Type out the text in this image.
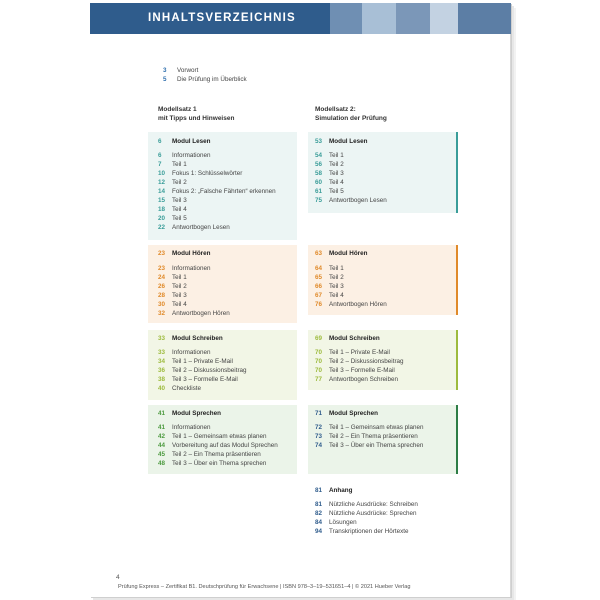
INHALTSVERZEICHNIS
3 Vorwort
5 Die Prüfung im Überblick
Modellsatz 1
mit Tipps und Hinweisen
Modellsatz 2:
Simulation der Prüfung
6 Modul Lesen
6 Informationen
7 Teil 1
10 Fokus 1: Schlüsselwörter
12 Teil 2
14 Fokus 2: „Falsche Fährten“ erkennen
15 Teil 3
18 Teil 4
20 Teil 5
22 Antwortbogen Lesen
23 Modul Hören
23 Informationen
24 Teil 1
26 Teil 2
28 Teil 3
30 Teil 4
32 Antwortbogen Hören
33 Modul Schreiben
33 Informationen
34 Teil 1 – Private E-Mail
36 Teil 2 – Diskussionsbeitrag
38 Teil 3 – Formelle E-Mail
40 Checkliste
41 Modul Sprechen
41 Informationen
42 Teil 1 – Gemeinsam etwas planen
44 Vorbereitung auf das Modul Sprechen
45 Teil 2 – Ein Thema präsentieren
48 Teil 3 – Über ein Thema sprechen
53 Modul Lesen
54 Teil 1
56 Teil 2
58 Teil 3
60 Teil 4
61 Teil 5
75 Antwortbogen Lesen
63 Modul Hören
64 Teil 1
65 Teil 2
66 Teil 3
67 Teil 4
76 Antwortbogen Hören
69 Modul Schreiben
70 Teil 1 – Private E-Mail
70 Teil 2 – Diskussionsbeitrag
70 Teil 3 – Formelle E-Mail
77 Antwortbogen Schreiben
71 Modul Sprechen
72 Teil 1 – Gemeinsam etwas planen
73 Teil 2 – Ein Thema präsentieren
74 Teil 3 – Über ein Thema sprechen
81 Anhang
81 Nützliche Ausdrücke: Schreiben
82 Nützliche Ausdrücke: Sprechen
84 Lösungen
94 Transkriptionen der Hörtexte
4
Prüfung Express – Zertifikat B1. Deutschprüfung für Erwachsene | ISBN 978–3–19–531651–4 | © 2021 Hueber Verlag
